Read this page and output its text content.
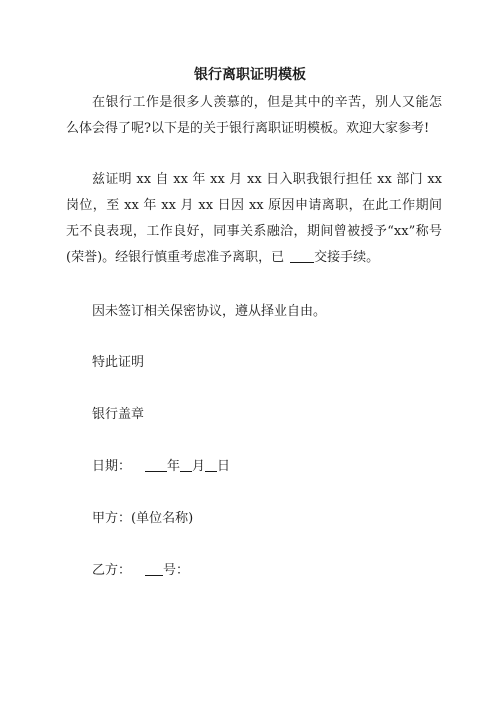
银行离职证明模板
在银行工作是很多人羡慕的，但是其中的辛苦，别人又能怎么体会得了呢?以下是的关于银行离职证明模板。欢迎大家参考!
兹证明 xx 自 xx 年 xx 月 xx 日入职我银行担任 xx 部门 xx 岗位，至 xx 年 xx 月 xx 日因 xx 原因申请离职，在此工作期间无不良表现，工作良好，同事关系融洽，期间曾被授予“xx”称号(荣誉)。经银行慎重考虑准予离职，已 交接手续。
因未签订相关保密协议，遵从择业自由。
特此证明
银行盖章
日期：	年 月 日
甲方：(单位名称)
乙方： 号：
